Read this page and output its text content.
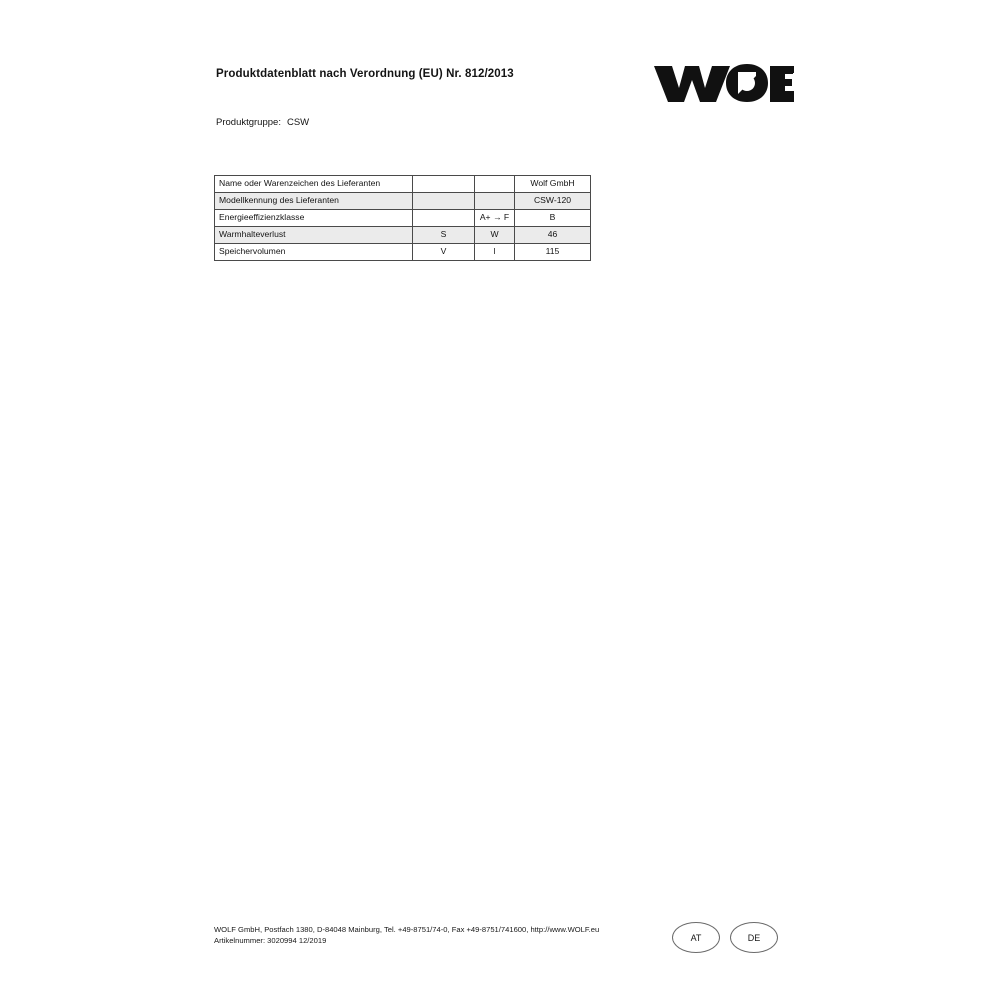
Produktdatenblatt nach Verordnung (EU) Nr. 812/2013
Produktgruppe: CSW
Name oder Warenzeichen des Lieferanten			Wolf GmbH
Modellkennung des Lieferanten			CSW-120
Energieeffizienzklasse		A+ → F	B
Warmhalteverlust	S	W	46
Speichervolumen	V	l	115
WOLF GmbH, Postfach 1380, D-84048 Mainburg, Tel. +49-8751/74-0, Fax +49-8751/741600, http://www.WOLF.eu
Artikelnummer: 3020994 12/2019	AT	DE
